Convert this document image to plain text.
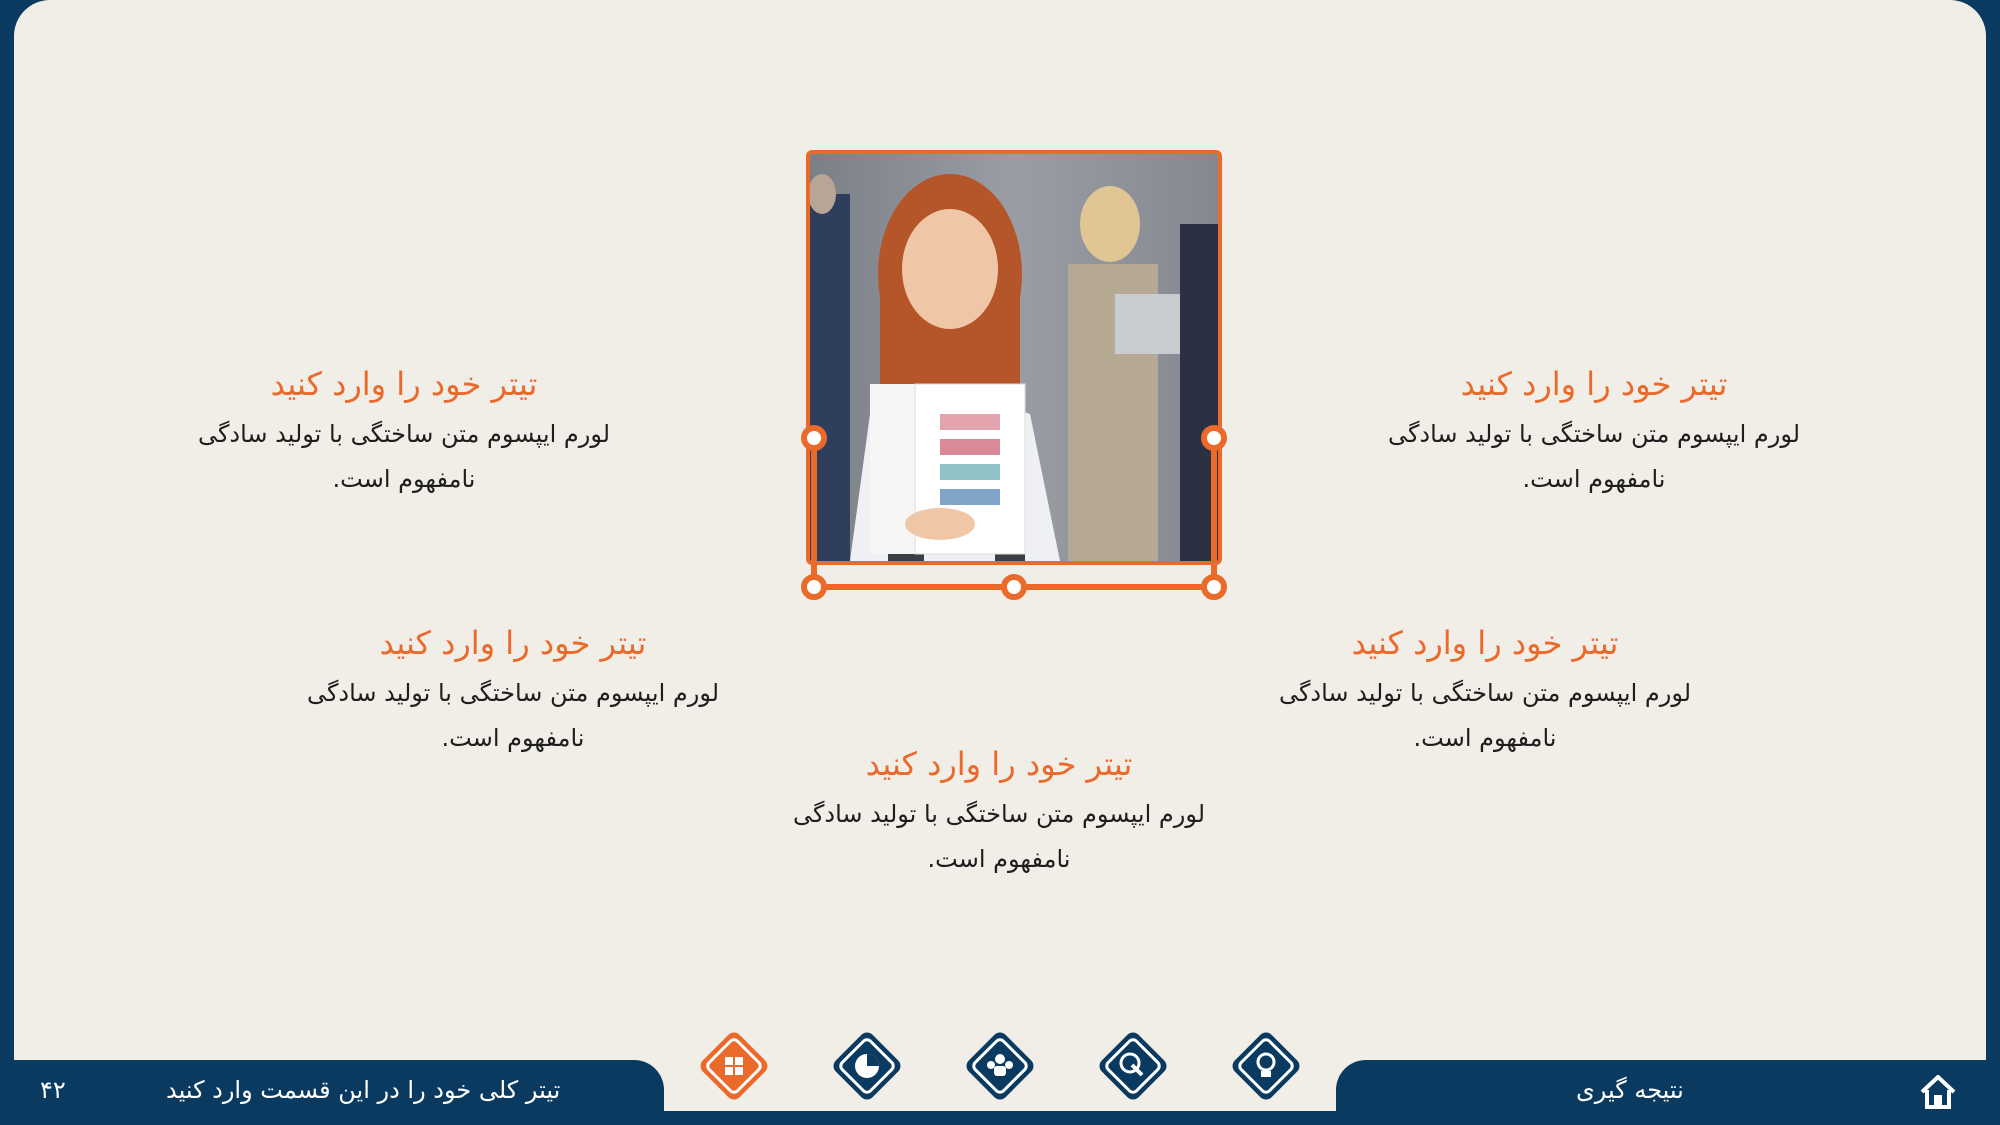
تیتر خود را وارد کنید

لورم ایپسوم متن ساختگی با تولید سادگی نامفهوم است.

تیتر خود را وارد کنید

لورم ایپسوم متن ساختگی با تولید سادگی نامفهوم است.

تیتر خود را وارد کنید

لورم ایپسوم متن ساختگی با تولید سادگی نامفهوم است.

تیتر خود را وارد کنید

لورم ایپسوم متن ساختگی با تولید سادگی نامفهوم است.

تیتر خود را وارد کنید

لورم ایپسوم متن ساختگی با تولید سادگی نامفهوم است.

۴۲	تیتر کلی خود را در این قسمت وارد کنید	نتیجه گیری
